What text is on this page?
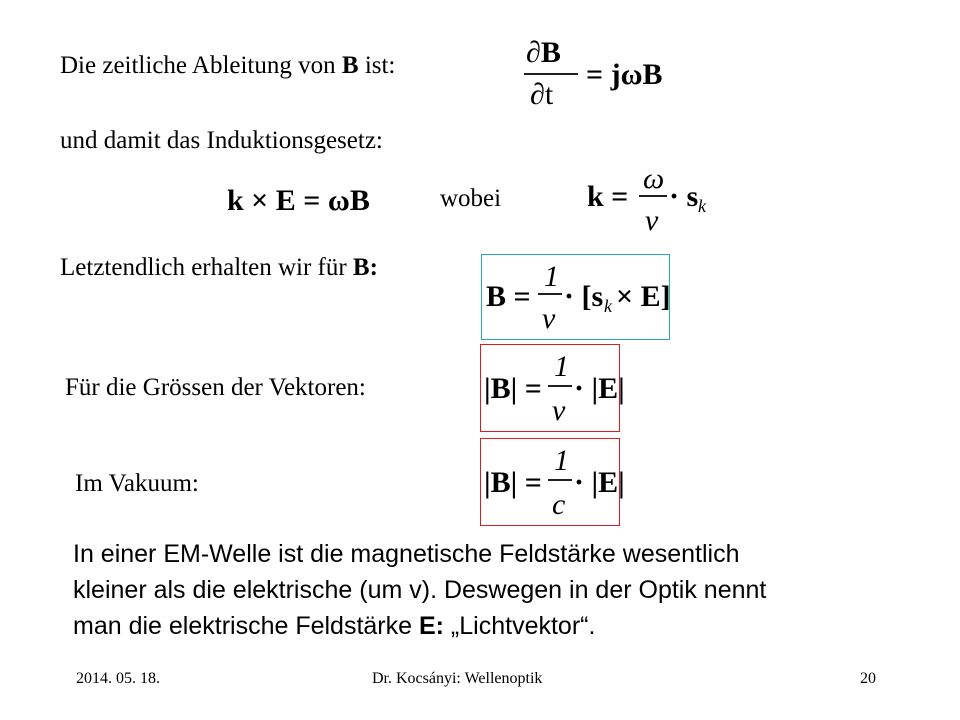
Die zeitliche Ableitung von B ist:
und damit das Induktionsgesetz:
wobei
Letztendlich erhalten wir für B:
Für die Grössen der Vektoren:
Im Vakuum:
In einer EM-Welle ist die magnetische Feldstärke wesentlich
kleiner als die elektrische (um v). Deswegen in der Optik nennt
man die elektrische Feldstärke E: „Lichtvektor“.
∂B
∂t
= jωB
k × E = ωB	k =
ω
v
· s k
B =
1
v
· [s k × E]
|B| =
1
v
· |E|
|B| =
1
c
· |E|
2014. 05. 18.	Dr. Kocsányi: Wellenoptik	20
